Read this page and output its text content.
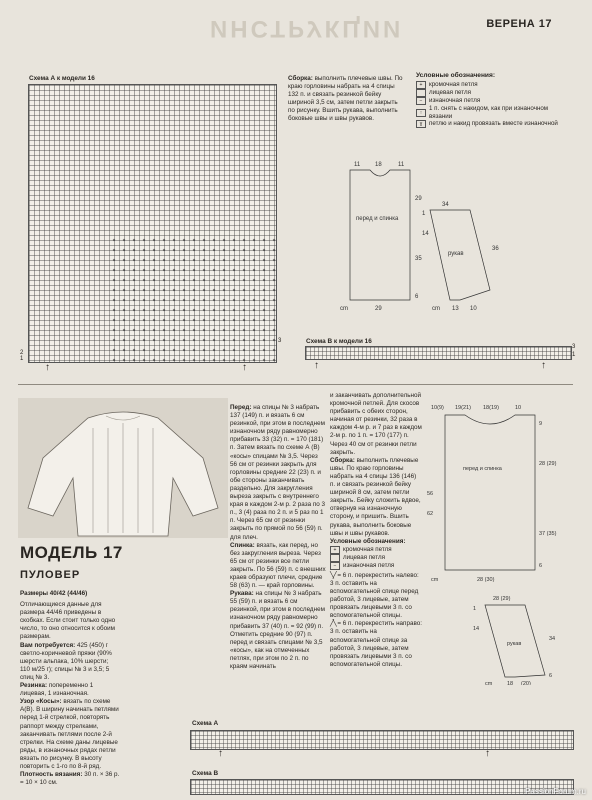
ИНСТРУКЦИИ	ВЕРЕНА 17
Схема А к модели 16
2
1
3
↑	↑
Сборка: выполнить плечевые швы. По краю горловины набрать на 4 спицы 132 п. и связать резинкой бейку шириной 3,5 см, затем петли закрыть по рисунку. Вшить рукава, выполнить боковые швы и швы рукавов.
Условные обозначения:
+	кромочная петля
лицевая петля
−	изнаночная петля
↑
1 п. снять с накидом, как при изнаночном вязании
ɣ	петлю и накид провязать вместе изнаночной
11 18	11
29
35
6
29
cm
перед и спинка
рукав
34
1
14
36
13 10
cm
Схема В к модели 16
3
1
↑	↑
МОДЕЛЬ 17
ПУЛОВЕР
Размеры 40/42 (44/46)
Отличающиеся данные для размера 44/46 приведены в скобках. Если стоит только одно число, то оно относится к обоим размерам.
Вам потребуется: 425 (450) г светло-коричневой пряжи (90% шерсти альпака, 10% шерсти; 110 м/25 г); спицы № 3 и 3,5; 5 спиц № 3.
Резинка: попеременно 1 лицевая, 1 изнаночная.
Узор «Косы»: вязать по схеме А(В). В ширину начинать петлями перед 1-й стрелкой, повторять раппорт между стрелками, заканчивать петлями после 2-й стрелки. На схеме даны лицевые ряды, в изнаночных рядах петли вязать по рисунку. В высоту повторить с 1-го по 8-й ряд.
Плотность вязания: 30 п. × 36 р. = 10 × 10 см.
Перед: на спицы № 3 набрать 137 (149) п. и вязать 6 см резинкой, при этом в последнем изнаночном ряду равномерно прибавить 33 (32) п. = 170 (181) п. Затем вязать по схеме А (В) «косы» спицами № 3,5. Через 56 см от резинки закрыть для горловины средние 22 (23) п. и обе стороны заканчивать раздельно. Для закругления выреза закрыть с внутреннего края в каждом 2-м р. 2 раза по 3 п., 3 (4) раза по 2 п. и 5 раз по 1 п. Через 65 см от резинки закрыть по прямой по 56 (59) п. для плеч.
Спинка: вязать, как перед, но без закругления выреза. Через 65 см от резинки все петли закрыть. По 56 (59) п. с внешних краев образуют плечи, средние 58 (63) п. — край горловины.
Рукава: на спицы № 3 набрать 55 (59) п. и вязать 6 см резинкой, при этом в последнем изнаночном ряду равномерно прибавить 37 (40) п. = 92 (99) п. Отметить средние 90 (97) п. перед и связать спицами № 3,5 «косы», как на отмеченных петлях, при этом по 2 п. по краям начинать
и заканчивать дополнительной кромочной петлей. Для скосов прибавить с обеих сторон, начиная от резинки, 32 раза в каждом 4-м р. и 7 раз в каждом 2-м р. по 1 п. = 170 (177) п. Через 40 см от резинки петли закрыть.
Сборка: выполнить плечевые швы. По краю горловины набрать на 4 спицы 136 (146) п. и связать резинкой бейку шириной 8 см, затем петли закрыть. Бейку сложить вдвое, отвернув на изнаночную сторону, и пришить. Вшить рукава, выполнить боковые швы и швы рукавов.
Условные обозначения:
+	кромочная петля
лицевая петля
−	изнаночная петля
╲╱ = 6 п. перекрестить налево: 3 п. оставить на вспомогательной спице перед работой, 3 лицевые, затем провязать лицевыми 3 п. со вспомогательной спицы.
╱╲ = 6 п. перекрестить направо: 3 п. оставить на вспомогательной спице за работой, 3 лицевые, затем провязать лицевыми 3 п. со вспомогательной спицы.
10(9) 19(21) 18(19)	10
9
28 (29)
37 (35)
56
62
6
28 (30)
cm
перед и спинка
рукав
28 (29)
1
14
34
6
18 (20)
cm
Схема А
↑	↑
Схема В
PassionForum.ru
